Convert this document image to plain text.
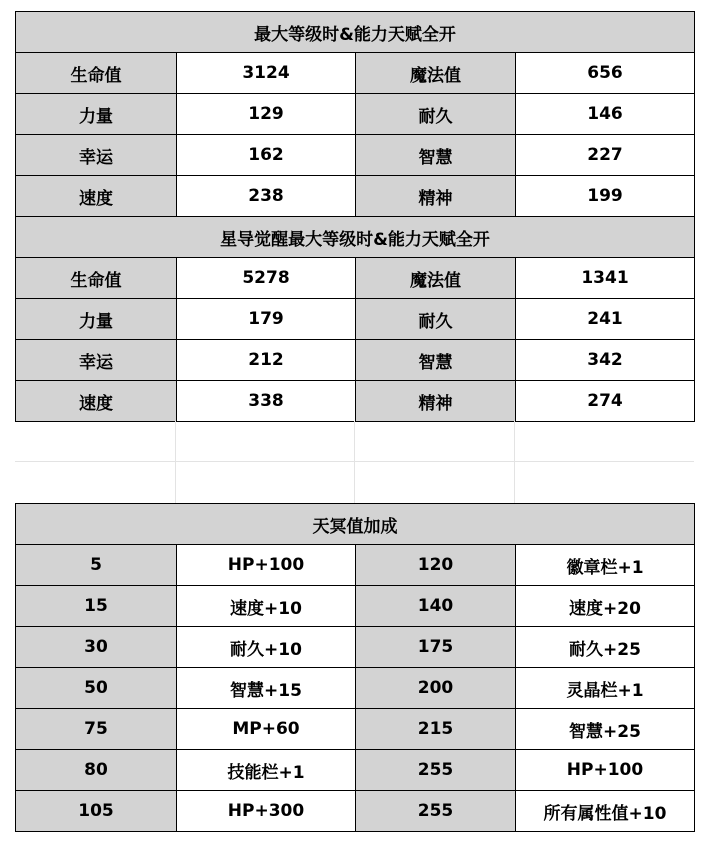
最大等级时&能力天赋全开			
生命值	3124	魔法值	656
力量	129	耐久	146
幸运	162	智慧	227
速度	238	精神	199
星导觉醒最大等级时&能力天赋全开			
生命值	5278	魔法值	1341
力量	179	耐久	241
幸运	212	智慧	342
速度	338	精神	274
天冥值加成			
5	HP+100	120	徽章栏+1
15	速度+10	140	速度+20
30	耐久+10	175	耐久+25
50	智慧+15	200	灵晶栏+1
75	MP+60	215	智慧+25
80	技能栏+1	255	HP+100
105	HP+300	255	所有属性值+10
